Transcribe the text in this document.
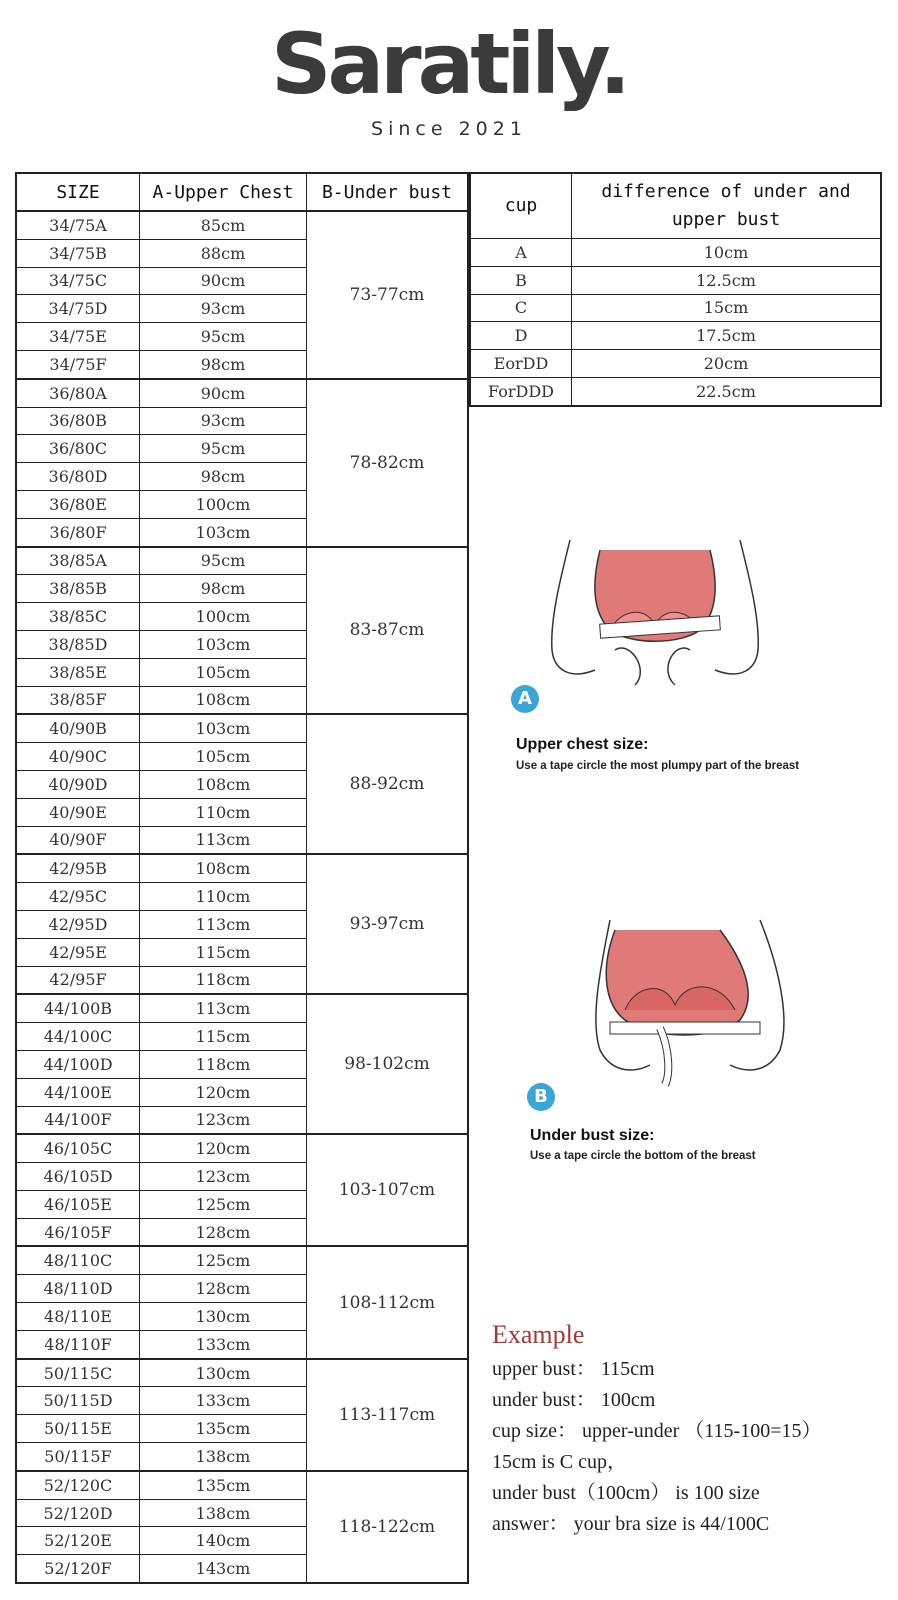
Saratily.
Since 2021
SIZE	A-Upper Chest	B-Under bust
34/75A	85cm	73-77cm
34/75B	88cm	
34/75C	90cm	
34/75D	93cm	
34/75E	95cm	
34/75F	98cm	
36/80A	90cm	78-82cm
36/80B	93cm	
36/80C	95cm	
36/80D	98cm	
36/80E	100cm	
36/80F	103cm	
38/85A	95cm	83-87cm
38/85B	98cm	
38/85C	100cm	
38/85D	103cm	
38/85E	105cm	
38/85F	108cm	
40/90B	103cm	88-92cm
40/90C	105cm	
40/90D	108cm	
40/90E	110cm	
40/90F	113cm	
42/95B	108cm	93-97cm
42/95C	110cm	
42/95D	113cm	
42/95E	115cm	
42/95F	118cm	
44/100B	113cm	98-102cm
44/100C	115cm	
44/100D	118cm	
44/100E	120cm	
44/100F	123cm	
46/105C	120cm	103-107cm
46/105D	123cm	
46/105E	125cm	
46/105F	128cm	
48/110C	125cm	108-112cm
48/110D	128cm	
48/110E	130cm	
48/110F	133cm	
50/115C	130cm	113-117cm
50/115D	133cm	
50/115E	135cm	
50/115F	138cm	
52/120C	135cm	118-122cm
52/120D	138cm	
52/120E	140cm	
52/120F	143cm	
cup	difference of under and upper bust
A	10cm
B	12.5cm
C	15cm
D	17.5cm
EorDD	20cm
ForDDD	22.5cm
A
Upper chest size:
Use a tape circle the most plumpy part of the breast
B
Under bust size:
Use a tape circle the bottom of the breast
Example
upper bust： 115cm
under bust： 100cm
cup size： upper-under （115-100=15）
15cm is C cup，
under bust（100cm） is 100 size
answer： your bra size is 44/100C
